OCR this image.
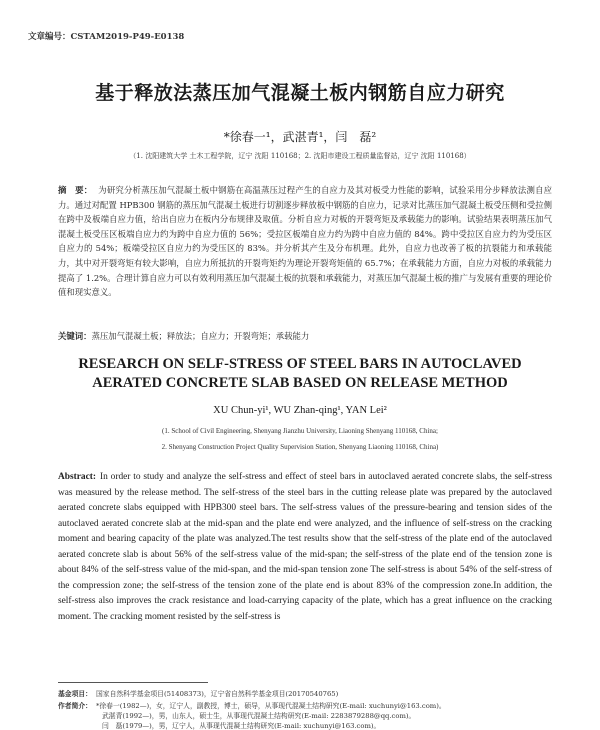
文章编号：CSTAM2019-P49-E0138
基于释放法蒸压加气混凝土板内钢筋自应力研究
*徐春一¹，武湛青¹，闫　磊²
（1. 沈阳建筑大学 土木工程学院，辽宁 沈阳 110168；2. 沈阳市建设工程质量监督站，辽宁 沈阳 110168）
摘　要： 为研究分析蒸压加气混凝土板中钢筋在高温蒸压过程产生的自应力及其对板受力性能的影响，试验采用分步释放法测自应力。通过对配置 HPB300 钢筋的蒸压加气混凝土板进行切割逐步释放板中钢筋的自应力，记录对比蒸压加气混凝土板受压侧和受拉侧在跨中及板端自应力值，给出自应力在板内分布规律及取值。分析自应力对板的开裂弯矩及承载能力的影响。试验结果表明蒸压加气混凝土板受压区板端自应力约为跨中自应力值的 56%；受拉区板端自应力约为跨中自应力值的 84%。跨中受拉区自应力约为受压区自应力的 54%；板端受拉区自应力约为受压区的 83%。并分析其产生及分布机理。此外，自应力也改善了板的抗裂能力和承载能力，其中对开裂弯矩有较大影响，自应力所抵抗的开裂弯矩约为理论开裂弯矩值的 65.7%；在承载能力方面，自应力对板的承载能力提高了 1.2%。合理计算自应力可以有效利用蒸压加气混凝土板的抗裂和承载能力，对蒸压加气混凝土板的推广与发展有重要的理论价值和现实意义。
关键词：蒸压加气混凝土板；释放法；自应力；开裂弯矩；承载能力
RESEARCH ON SELF-STRESS OF STEEL BARS IN AUTOCLAVED
AERATED CONCRETE SLAB BASED ON RELEASE METHOD
XU Chun-yi¹, WU Zhan-qing¹, YAN Lei²
(1. School of Civil Engineering, Shenyang Jianzhu University, Liaoning Shenyang 110168, China;
2. Shenyang Construction Project Quality Supervision Station, Shenyang Liaoning 110168, China)
Abstract: In order to study and analyze the self-stress and effect of steel bars in autoclaved aerated concrete slabs, the self-stress was measured by the release method. The self-stress of the steel bars in the cutting release plate was prepared by the autoclaved aerated concrete slabs equipped with HPB300 steel bars. The self-stress values of the pressure-bearing and tension sides of the autoclaved aerated concrete slab at the mid-span and the plate end were analyzed, and the influence of self-stress on the cracking moment and bearing capacity of the plate was analyzed.The test results show that the self-stress of the plate end of the autoclaved aerated concrete slab is about 56% of the self-stress value of the mid-span; the self-stress of the plate end of the tension zone is about 84% of the self-stress value of the mid-span, and the mid-span tension zone The self-stress is about 54% of the self-stress of the compression zone; the self-stress of the tension zone of the plate end is about 83% of the compression zone.In addition, the self-stress also improves the crack resistance and load-carrying capacity of the plate, which has a great influence on the cracking moment. The cracking moment resisted by the self-stress is
基金项目： 国家自然科学基金项目(51408373)，辽宁省自然科学基金项目(20170540765)
作者简介： *徐春一(1982—)，女，辽宁人，副教授，博士，硕导，从事现代混凝土结构研究(E-mail: xuchunyi@163.com)。
武湛青(1992—)，男，山东人，硕士生，从事现代混凝土结构研究(E-mail: 2283879288@qq.com)。
闫　磊(1979—)，男，辽宁人，从事现代混凝土结构研究(E-mail: xuchunyi@163.com)。
